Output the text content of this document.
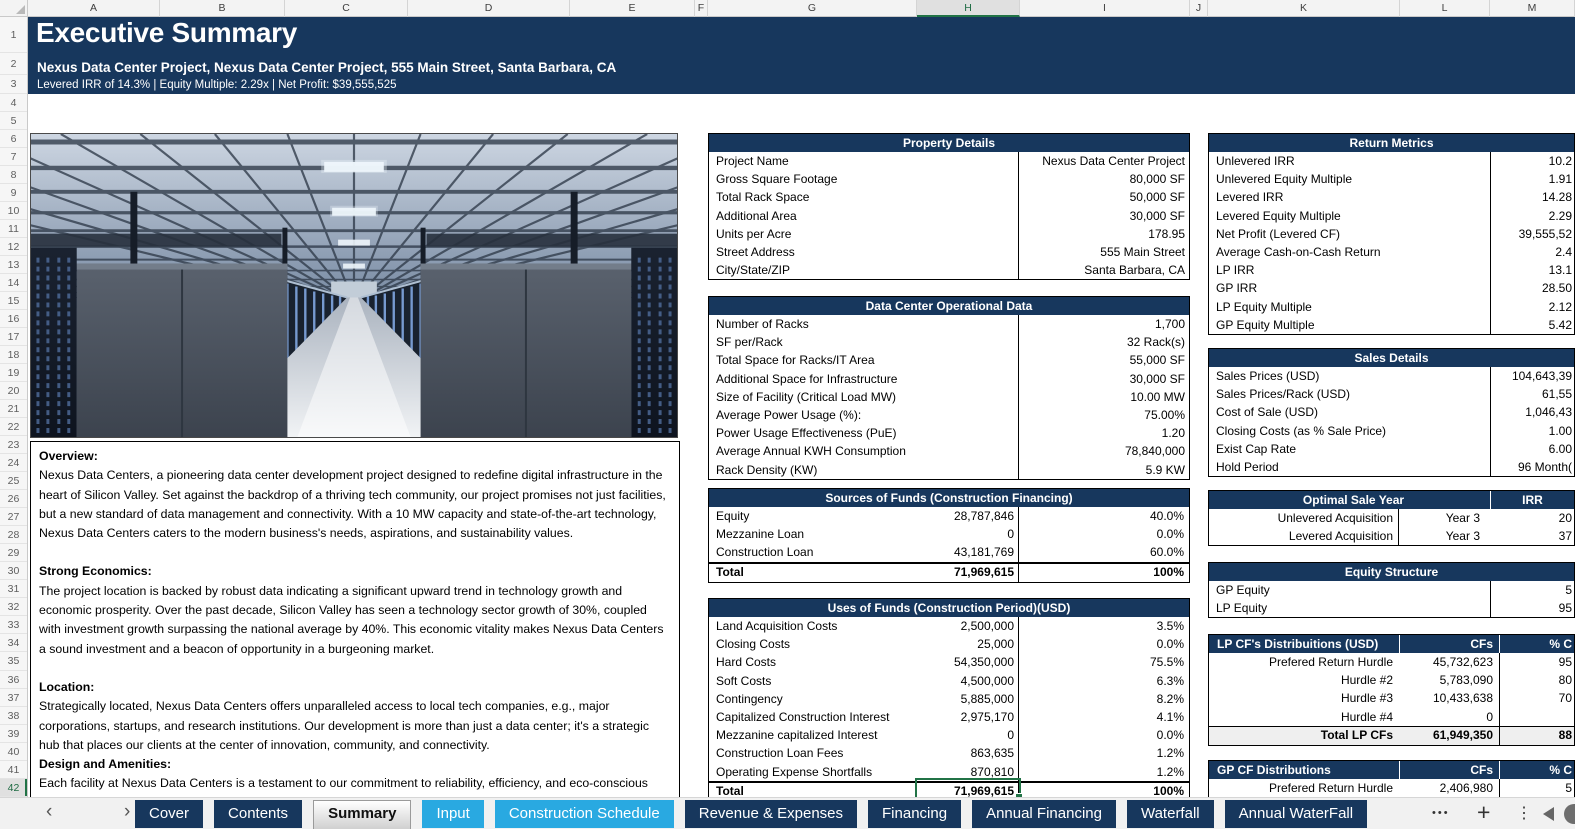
A	B	C	D	E	F	G	H	I	J	K	L	M
1
2
3
4
5
6
7
8
9
10
11
12
13
14
15
16
17
18
19
20
21
22
23
24
25
26
27
28
29
30
31
32
33
34
35
36
37
38
39
40
41
42
Executive Summary
Nexus Data Center Project, Nexus Data Center Project, 555 Main Street, Santa Barbara, CA
Levered IRR of 14.3% | Equity Multiple: 2.29x | Net Profit: $39,555,525
Overview:
Nexus Data Centers, a pioneering data center development project designed to redefine digital infrastructure in the heart of Silicon Valley. Set against the backdrop of a thriving tech community, our project promises not just facilities, but a new standard of data management and connectivity. With a 10 MW capacity and state-of-the-art technology, Nexus Data Centers caters to the modern business's needs, aspirations, and sustainability values.
Strong Economics:
The project location is backed by robust data indicating a significant upward trend in technology growth and economic prosperity. Over the past decade, Silicon Valley has seen a technology sector growth of 30%, coupled with investment growth surpassing the national average by 40%. This economic vitality makes Nexus Data Centers a sound investment and a beacon of opportunity in a burgeoning market.
Location:
Strategically located, Nexus Data Centers offers unparalleled access to local tech companies, e.g., major corporations, startups, and research institutions. Our development is more than just a data center; it's a strategic hub that places our clients at the center of innovation, community, and connectivity.
Design and Amenities:
Each facility at Nexus Data Centers is a testament to our commitment to reliability, efficiency, and eco-conscious
Property Details
Project Name	Nexus Data Center Project
Gross Square Footage	80,000 SF
Total Rack Space	50,000 SF
Additional Area	30,000 SF
Units per Acre	178.95
Street Address	555 Main Street
City/State/ZIP	Santa Barbara, CA
Data Center Operational Data
Number of Racks	1,700
SF per/Rack	32 Rack(s)
Total Space for Racks/IT Area	55,000 SF
Additional Space for Infrastructure	30,000 SF
Size of Facility (Critical Load MW)	10.00 MW
Average Power Usage (%):	75.00%
Power Usage Effectiveness (PuE)	1.20
Average Annual KWH Consumption	78,840,000
Rack Density (KW)	5.9 KW
Sources of Funds (Construction Financing)
Equity	28,787,846	40.0%
Mezzanine Loan	0	0.0%
Construction Loan	43,181,769	60.0%
Total	71,969,615	100%
Uses of Funds (Construction Period)(USD)
Land Acquisition Costs	2,500,000	3.5%
Closing Costs	25,000	0.0%
Hard Costs	54,350,000	75.5%
Soft Costs	4,500,000	6.3%
Contingency	5,885,000	8.2%
Capitalized Construction Interest	2,975,170	4.1%
Mezzanine capitalized Interest	0	0.0%
Construction Loan Fees	863,635	1.2%
Operating Expense Shortfalls	870,810	1.2%
Total	71,969,615	100%
Return Metrics
Unlevered IRR	10.2
Unlevered Equity Multiple	1.91
Levered IRR	14.28
Levered Equity Multiple	2.29
Net Profit (Levered CF)	39,555,52
Average Cash-on-Cash Return	2.4
LP IRR	13.1
GP IRR	28.50
LP Equity Multiple	2.12
GP Equity Multiple	5.42
Sales Details
Sales Prices (USD)	104,643,39
Sales Prices/Rack (USD)	61,55
Cost of Sale (USD)	1,046,43
Closing Costs (as % Sale Price)	1.00
Exist Cap Rate	6.00
Hold Period	96 Month(
Optimal Sale Year	IRR
Unlevered Acquisition	Year 3	20
Levered Acquisition	Year 3	37
Equity Structure
GP Equity	5
LP Equity	95
LP CF's Distribuitions (USD)	CFs	% C
Prefered Return Hurdle	45,732,623	95
Hurdle #2	5,783,090	80
Hurdle #3	10,433,638	70
Hurdle #4	0
Total LP CFs	61,949,350	88
GP CF Distributions	CFs	% C
Prefered Return Hurdle	2,406,980	5
‹	›	Cover	Contents	Summary	Input	Construction Schedule	Revenue & Expenses	Financing	Annual Financing	Waterfall	Annual WaterFall	••• + ⋮
